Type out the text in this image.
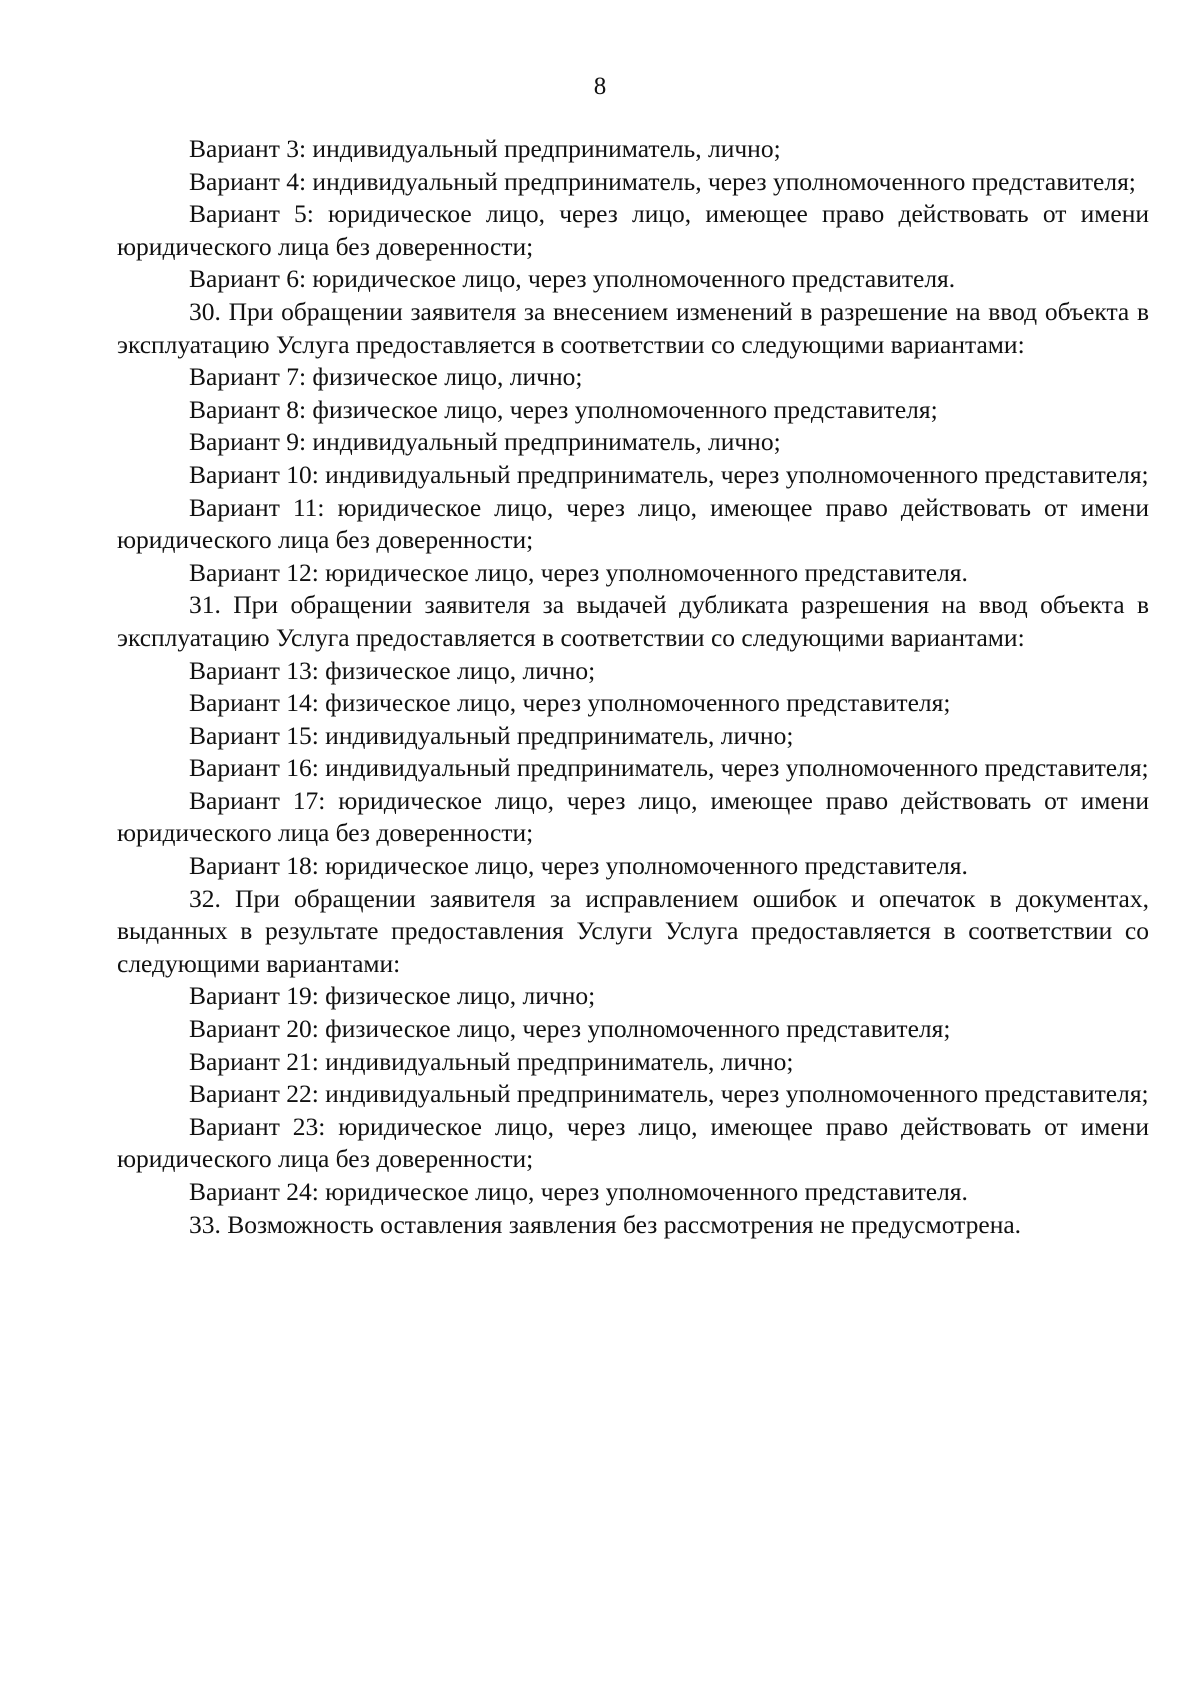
8

Вариант 3: индивидуальный предприниматель, лично;

Вариант 4: индивидуальный предприниматель, через уполномоченного представителя;

Вариант 5: юридическое лицо, через лицо, имеющее право действовать от имени юридического лица без доверенности;

Вариант 6: юридическое лицо, через уполномоченного представителя.

30. При обращении заявителя за внесением изменений в разрешение на ввод объекта в эксплуатацию Услуга предоставляется в соответствии со следующими вариантами:

Вариант 7: физическое лицо, лично;

Вариант 8: физическое лицо, через уполномоченного представителя;

Вариант 9: индивидуальный предприниматель, лично;

Вариант 10: индивидуальный предприниматель, через уполномоченного представителя;

Вариант 11: юридическое лицо, через лицо, имеющее право действовать от имени юридического лица без доверенности;

Вариант 12: юридическое лицо, через уполномоченного представителя.

31. При обращении заявителя за выдачей дубликата разрешения на ввод объекта в эксплуатацию Услуга предоставляется в соответствии со следующими вариантами:

Вариант 13: физическое лицо, лично;

Вариант 14: физическое лицо, через уполномоченного представителя;

Вариант 15: индивидуальный предприниматель, лично;

Вариант 16: индивидуальный предприниматель, через уполномоченного представителя;

Вариант 17: юридическое лицо, через лицо, имеющее право действовать от имени юридического лица без доверенности;

Вариант 18: юридическое лицо, через уполномоченного представителя.

32. При обращении заявителя за исправлением ошибок и опечаток в документах, выданных в результате предоставления Услуги Услуга предоставляется в соответствии со следующими вариантами:

Вариант 19: физическое лицо, лично;

Вариант 20: физическое лицо, через уполномоченного представителя;

Вариант 21: индивидуальный предприниматель, лично;

Вариант 22: индивидуальный предприниматель, через уполномоченного представителя;

Вариант 23: юридическое лицо, через лицо, имеющее право действовать от имени юридического лица без доверенности;

Вариант 24: юридическое лицо, через уполномоченного представителя.

33. Возможность оставления заявления без рассмотрения не предусмотрена.
